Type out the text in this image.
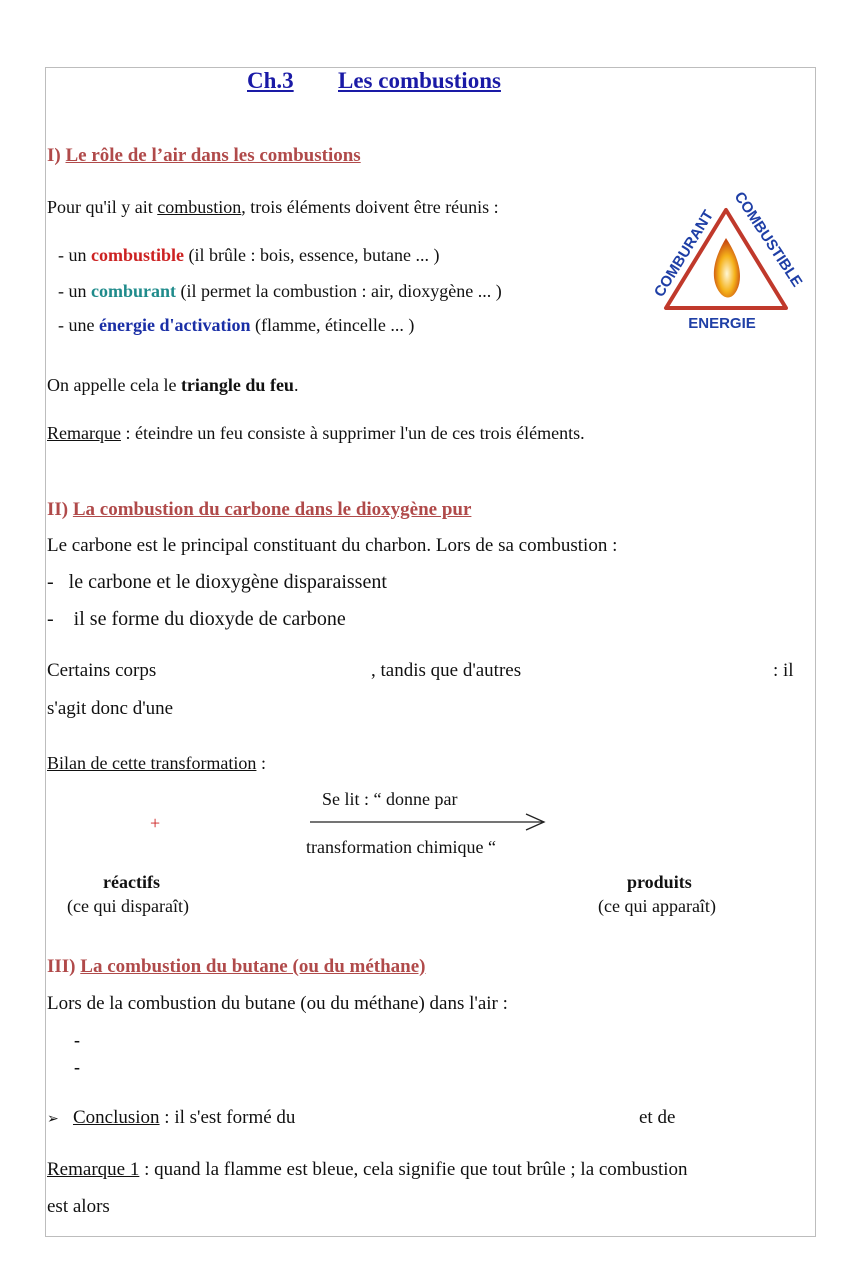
Ch.3 Les combustions
I) Le rôle de l’air dans les combustions
Pour qu'il y ait combustion, trois éléments doivent être réunis :
- un combustible (il brûle : bois, essence, butane ... )
- un comburant (il permet la combustion : air, dioxygène ... )
- une énergie d'activation (flamme, étincelle ... )
COMBURANT
COMBUSTIBLE
ENERGIE
On appelle cela le triangle du feu.
Remarque : éteindre un feu consiste à supprimer l'un de ces trois éléments.
II) La combustion du carbone dans le dioxygène pur
Le carbone est le principal constituant du charbon. Lors de sa combustion :
- le carbone et le dioxygène disparaissent
- il se forme du dioxyde de carbone
Certains corps	, tandis que d'autres	: il
s'agit donc d'une
Bilan de cette transformation :
Se lit : “ donne par
+
transformation chimique “
réactifs
(ce qui disparaît)
produits
(ce qui apparaît)
III) La combustion du butane (ou du méthane)
Lors de la combustion du butane (ou du méthane) dans l'air :
-
-
➢ Conclusion : il s'est formé du	et de
Remarque 1 : quand la flamme est bleue, cela signifie que tout brûle ; la combustion
est alors
